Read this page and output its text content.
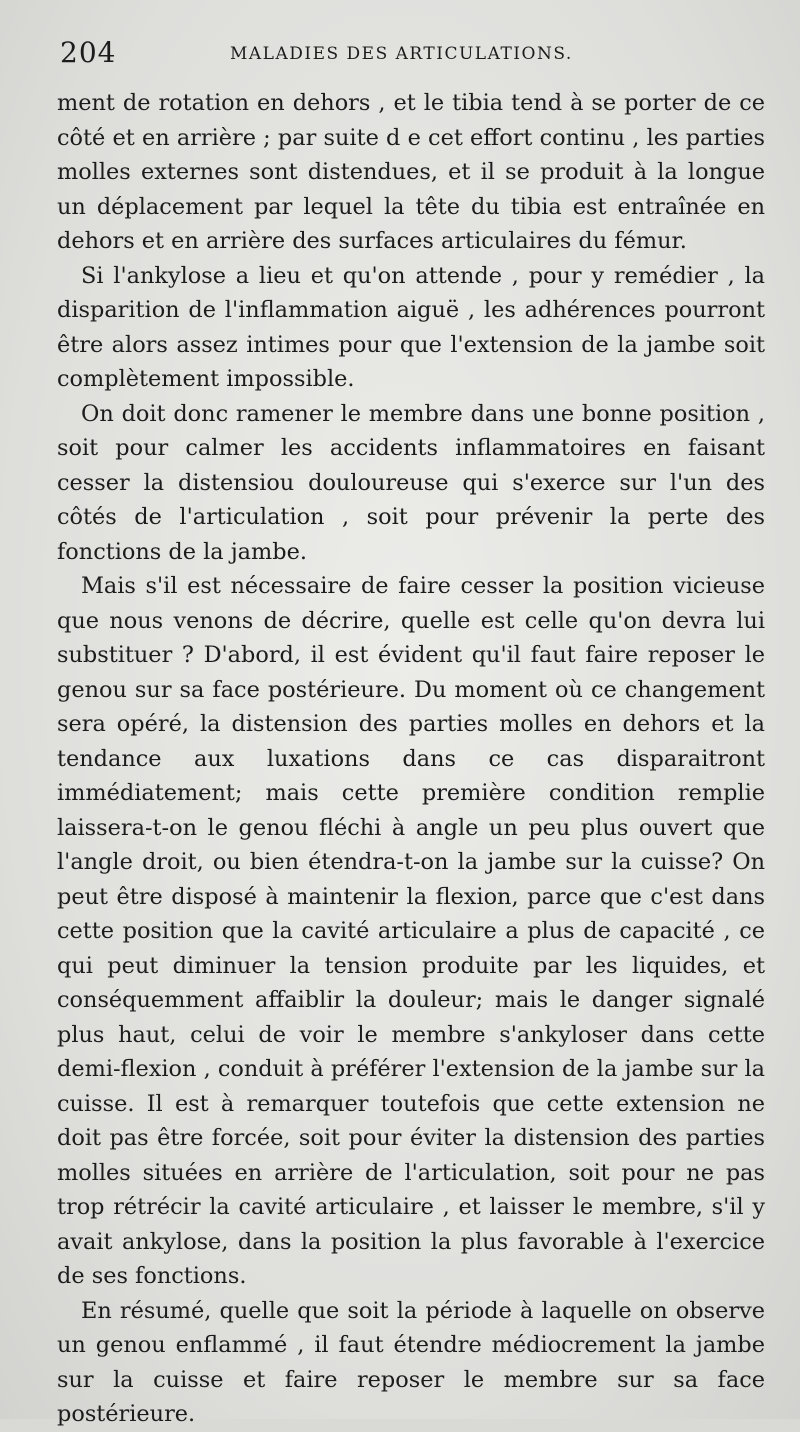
204	MALADIES DES ARTICULATIONS.

ment de rotation en dehors , et le tibia tend à se porter de ce côté et en arrière ; par suite d e cet effort continu , les parties molles externes sont distendues, et il se produit à la longue un déplacement par lequel la tête du tibia est entraînée en dehors et en arrière des surfaces articulaires du fémur.

Si l'ankylose a lieu et qu'on attende , pour y remédier , la disparition de l'inflammation aiguë , les adhérences pourront être alors assez intimes pour que l'extension de la jambe soit complètement impossible.

On doit donc ramener le membre dans une bonne position , soit pour calmer les accidents inflammatoires en faisant cesser la distensiou douloureuse qui s'exerce sur l'un des côtés de l'articulation , soit pour prévenir la perte des fonctions de la jambe.

Mais s'il est nécessaire de faire cesser la position vicieuse que nous venons de décrire, quelle est celle qu'on devra lui substituer ? D'abord, il est évident qu'il faut faire reposer le genou sur sa face postérieure. Du moment où ce changement sera opéré, la distension des parties molles en dehors et la tendance aux luxations dans ce cas disparaitront immédiatement; mais cette première condition remplie laissera-t-on le genou fléchi à angle un peu plus ouvert que l'angle droit, ou bien étendra-t-on la jambe sur la cuisse? On peut être disposé à maintenir la flexion, parce que c'est dans cette position que la cavité articulaire a plus de capacité , ce qui peut diminuer la tension produite par les liquides, et conséquemment affaiblir la douleur; mais le danger signalé plus haut, celui de voir le membre s'ankyloser dans cette demi-flexion , conduit à préférer l'extension de la jambe sur la cuisse. Il est à remarquer toutefois que cette extension ne doit pas être forcée, soit pour éviter la distension des parties molles situées en arrière de l'articulation, soit pour ne pas trop rétrécir la cavité articulaire , et laisser le membre, s'il y avait ankylose, dans la position la plus favorable à l'exercice de ses fonctions.

En résumé, quelle que soit la période à laquelle on observe un genou enflammé , il faut étendre médiocrement la jambe sur la cuisse et faire reposer le membre sur sa face postérieure.
